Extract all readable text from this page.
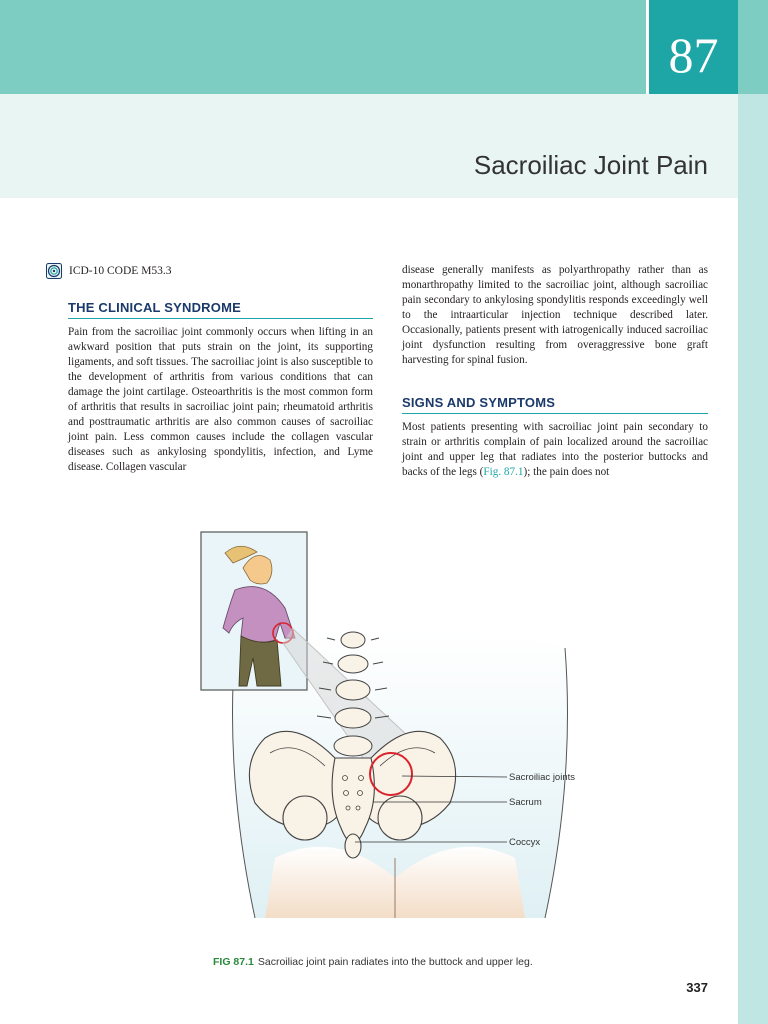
87
Sacroiliac Joint Pain
ICD-10 CODE M53.3
THE CLINICAL SYNDROME
Pain from the sacroiliac joint commonly occurs when lifting in an awkward position that puts strain on the joint, its supporting ligaments, and soft tissues. The sacroiliac joint is also susceptible to the development of arthritis from various conditions that can damage the joint cartilage. Osteoarthritis is the most common form of arthritis that results in sacroiliac joint pain; rheumatoid arthritis and posttraumatic arthritis are also common causes of sacroiliac joint pain. Less common causes include the collagen vascular diseases such as ankylosing spondylitis, infection, and Lyme disease. Collagen vascular
disease generally manifests as polyarthropathy rather than as monarthropathy limited to the sacroiliac joint, although sacroiliac pain secondary to ankylosing spondylitis responds exceedingly well to the intraarticular injection technique described later. Occasionally, patients present with iatrogenically induced sacroiliac joint dysfunction resulting from overaggressive bone graft harvesting for spinal fusion.
SIGNS AND SYMPTOMS
Most patients presenting with sacroiliac joint pain secondary to strain or arthritis complain of pain localized around the sacroiliac joint and upper leg that radiates into the posterior buttocks and backs of the legs (Fig. 87.1); the pain does not
Sacroiliac joints
Sacrum
Coccyx
FIG 87.1 Sacroiliac joint pain radiates into the buttock and upper leg.
337
